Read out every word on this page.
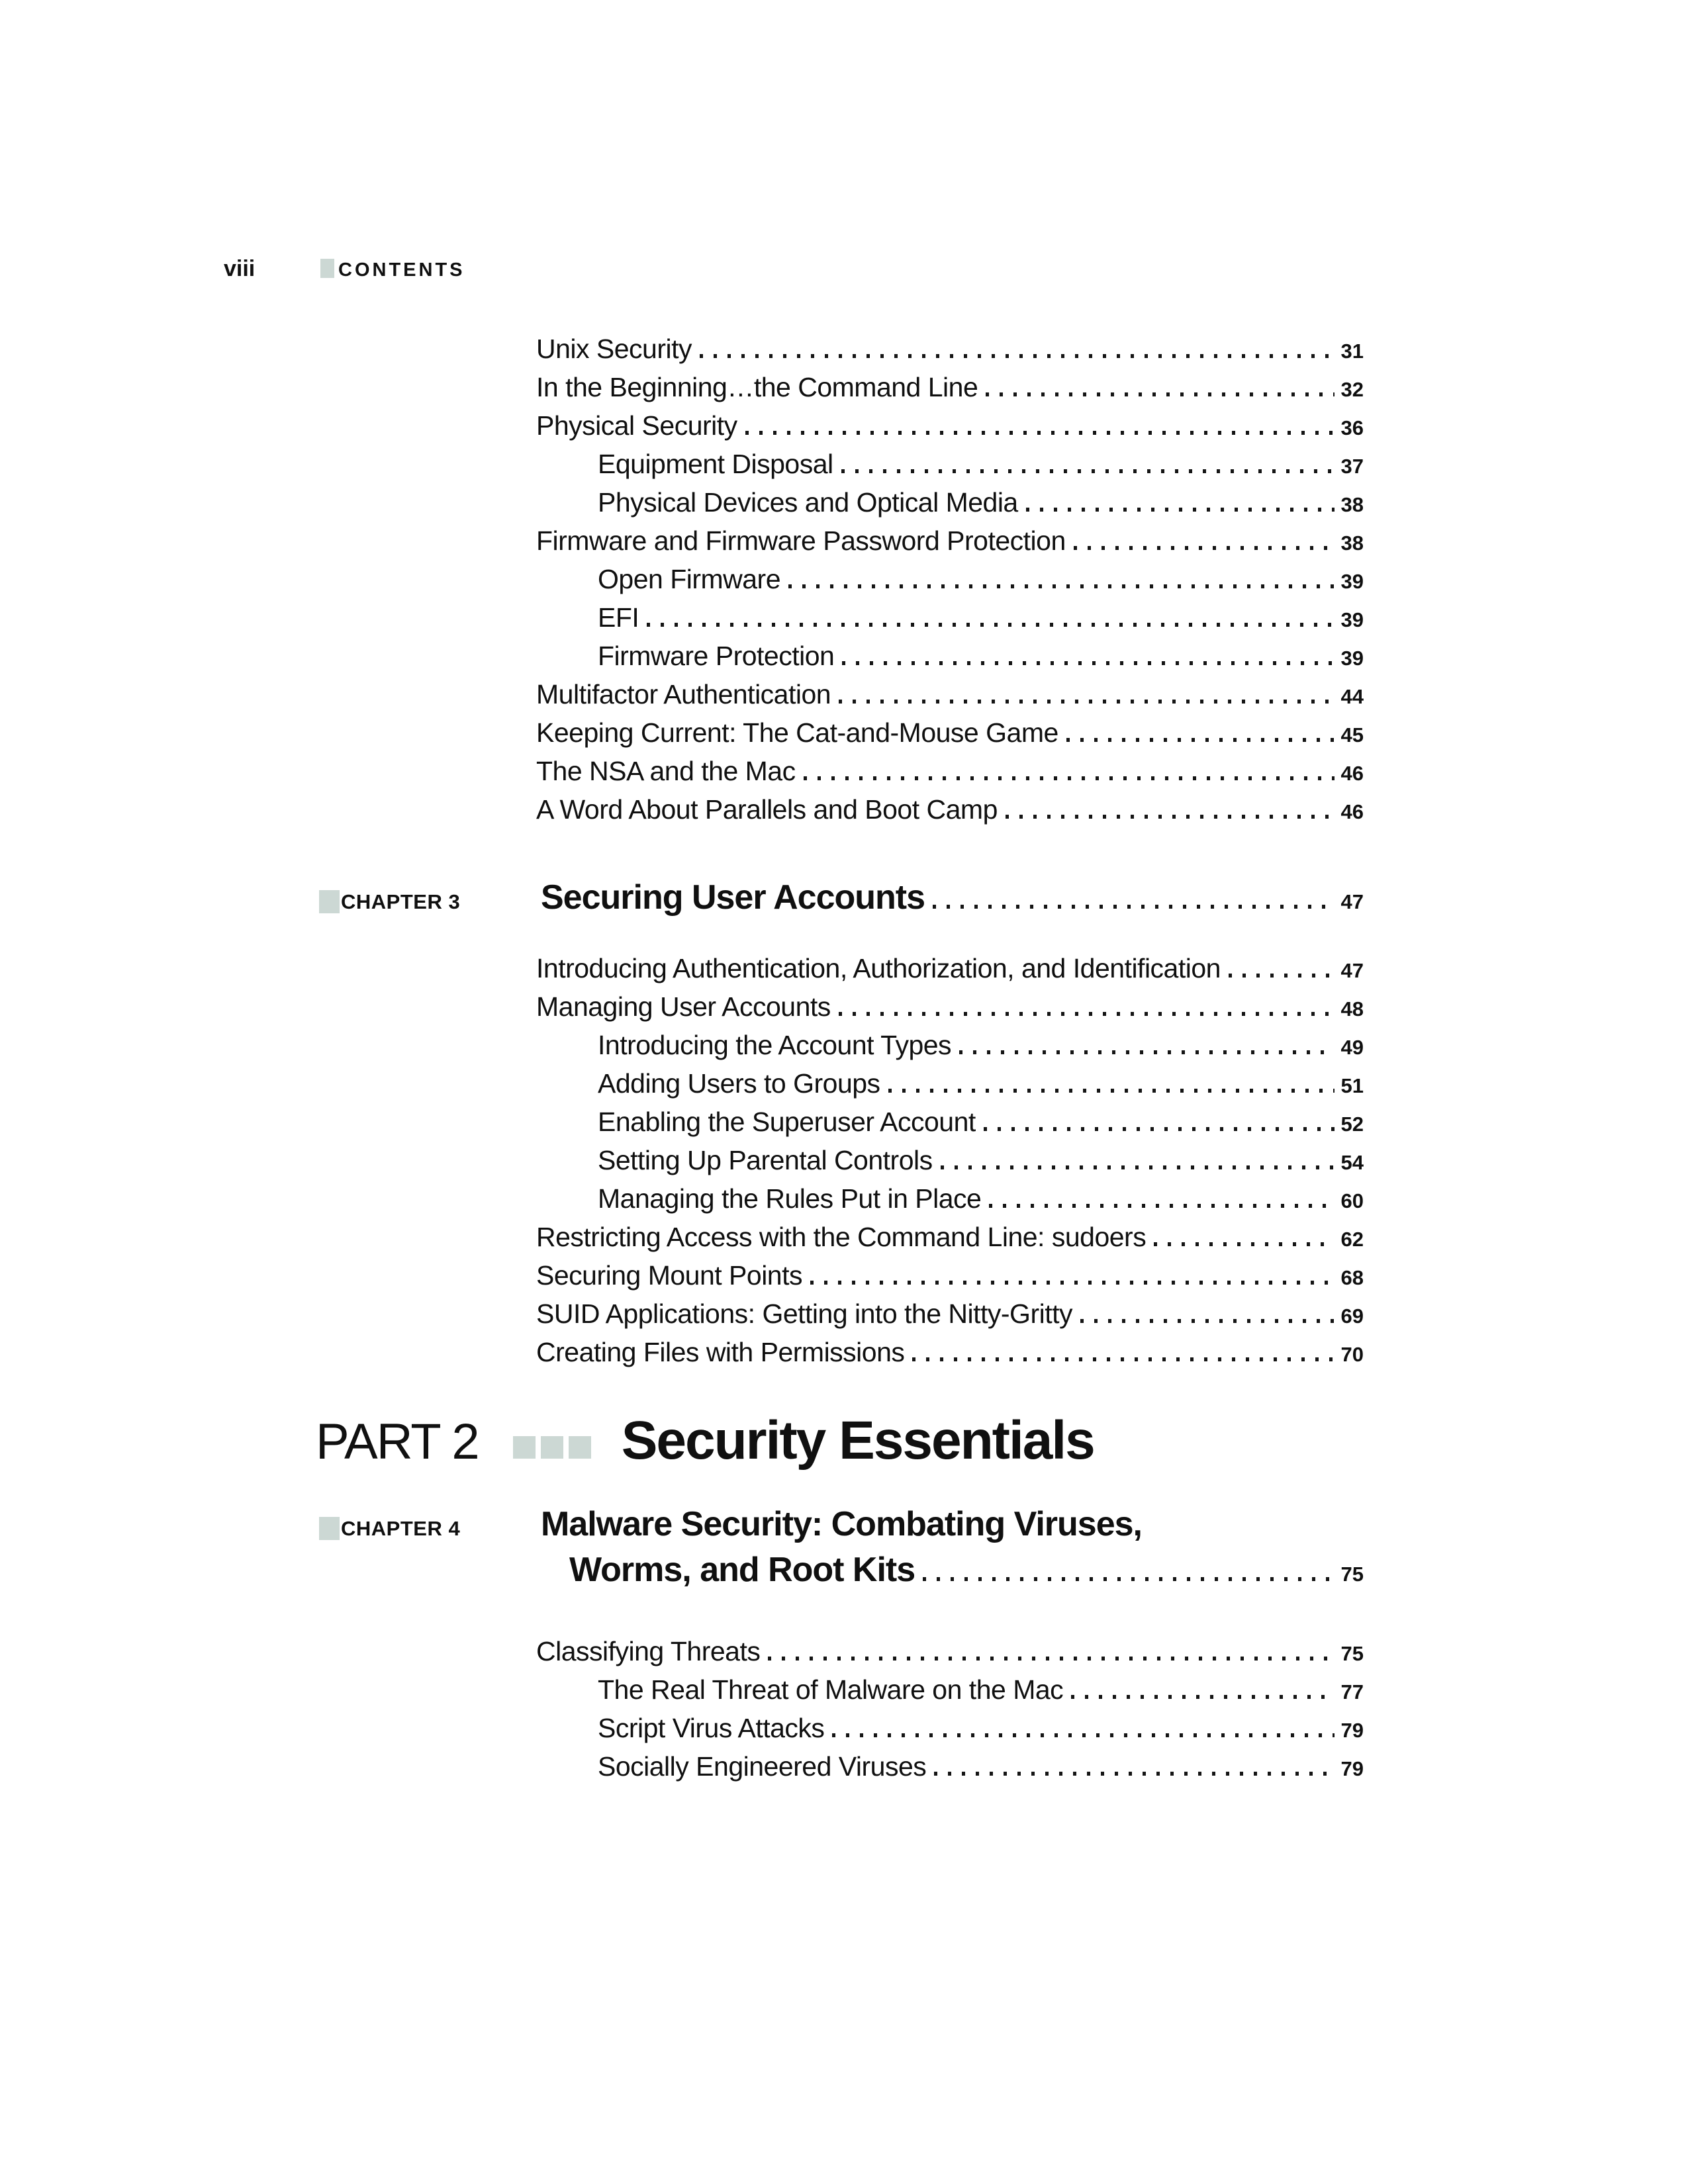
viii	CONTENTS
Unix Security	31
In the Beginning…the Command Line	32
Physical Security	36
Equipment Disposal	37
Physical Devices and Optical Media	38
Firmware and Firmware Password Protection	38
Open Firmware	39
EFI	39
Firmware Protection	39
Multifactor Authentication	44
Keeping Current: The Cat-and-Mouse Game	45
The NSA and the Mac	46
A Word About Parallels and Boot Camp	46
CHAPTER 3 Securing User Accounts	47
Introducing Authentication, Authorization, and Identification	47
Managing User Accounts	48
Introducing the Account Types	49
Adding Users to Groups	51
Enabling the Superuser Account	52
Setting Up Parental Controls	54
Managing the Rules Put in Place	60
Restricting Access with the Command Line: sudoers	62
Securing Mount Points	68
SUID Applications: Getting into the Nitty-Gritty	69
Creating Files with Permissions	70
PART 2	Security Essentials
CHAPTER 4 Malware Security: Combating Viruses,
Worms, and Root Kits	75
Classifying Threats	75
The Real Threat of Malware on the Mac	77
Script Virus Attacks	79
Socially Engineered Viruses	79
